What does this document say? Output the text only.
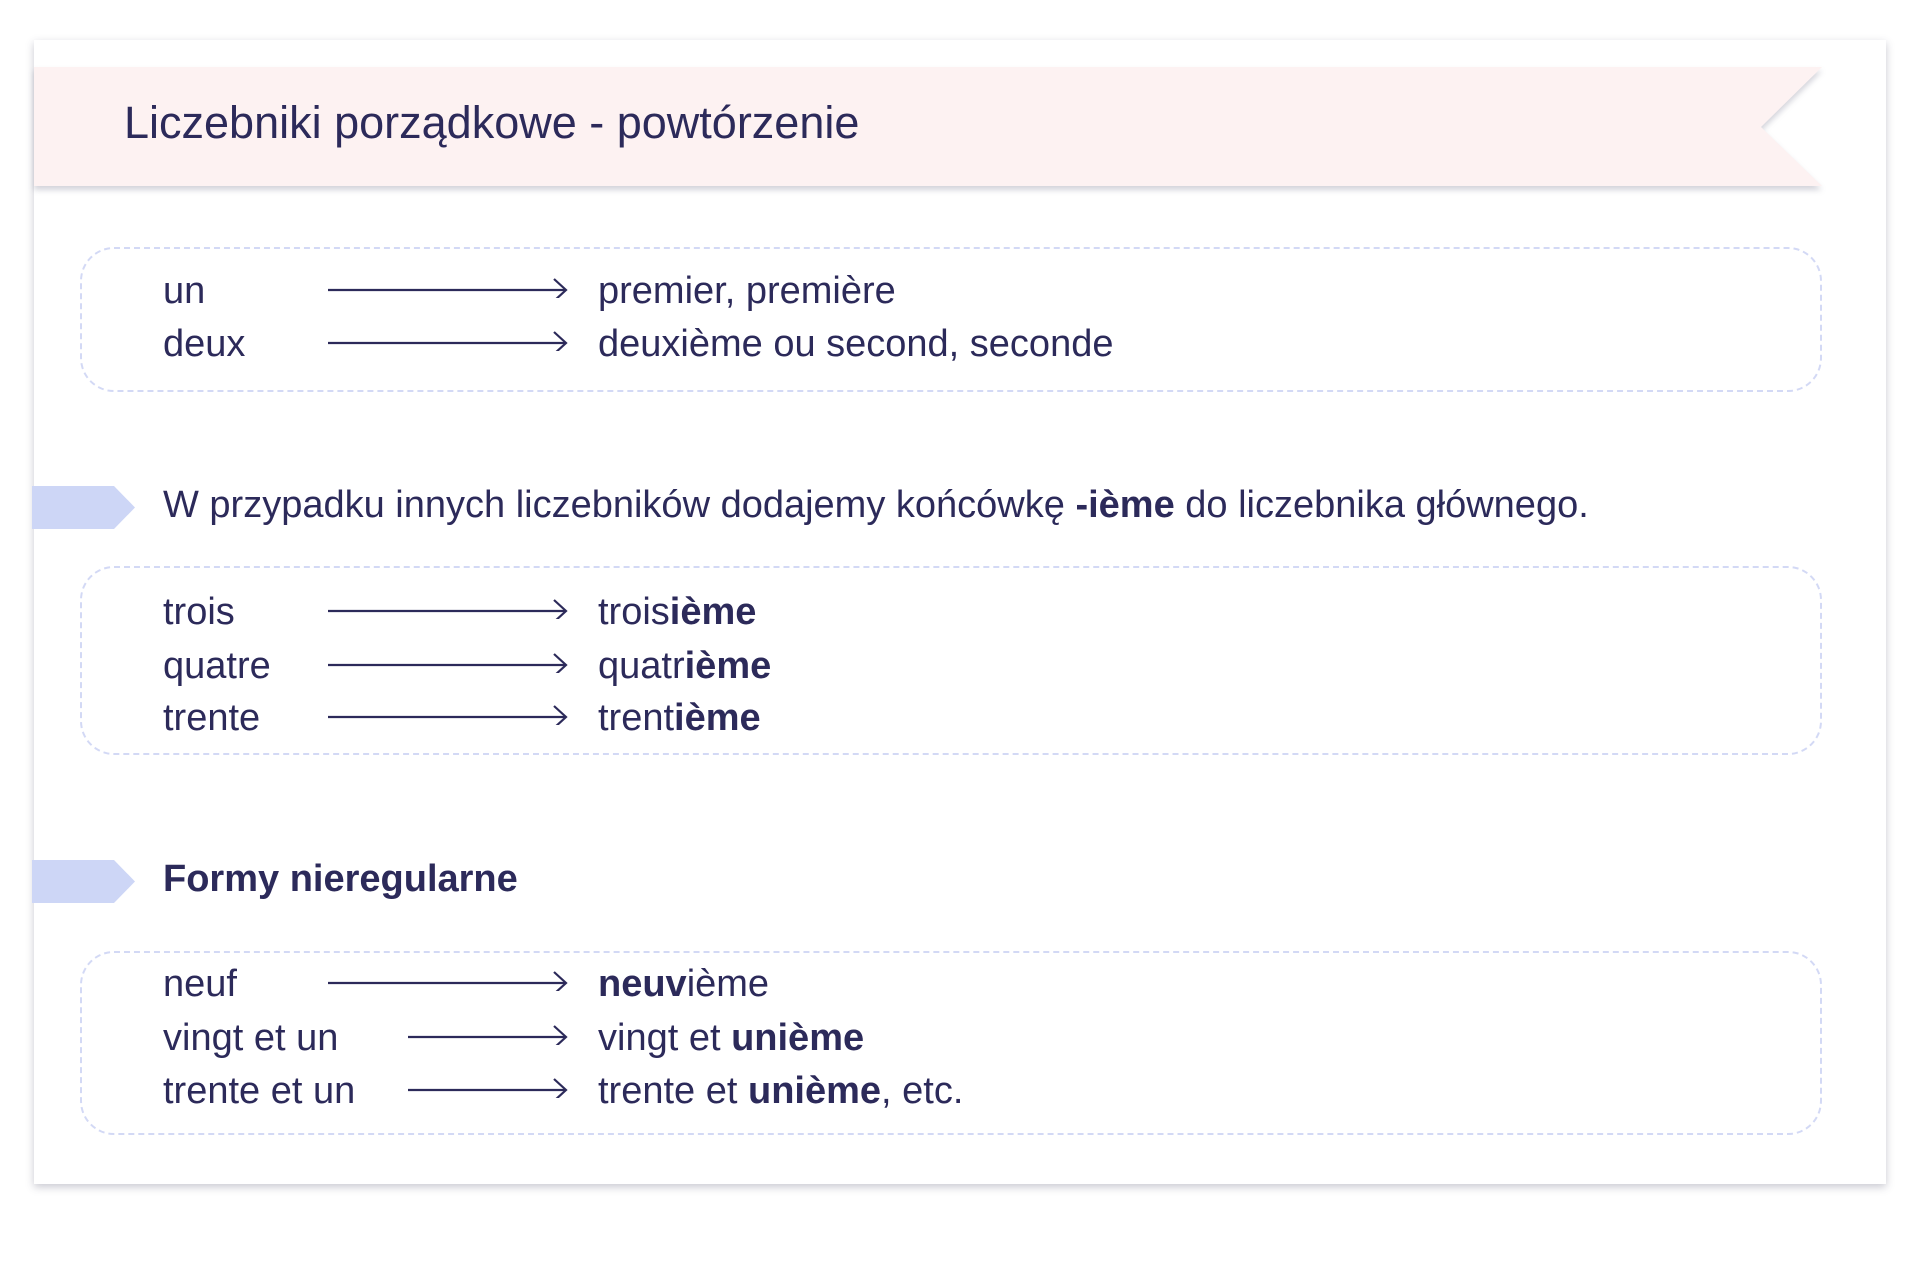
Liczebniki porządkowe - powtórzenie
un	premier, première
deux	deuxième ou second, seconde
W przypadku innych liczebników dodajemy końcówkę -ième do liczebnika głównego.
trois	troisième
quatre	quatrième
trente	trentième
Formy nieregularne
neuf	neuvième
vingt et un	vingt et unième
trente et un	trente et unième, etc.
